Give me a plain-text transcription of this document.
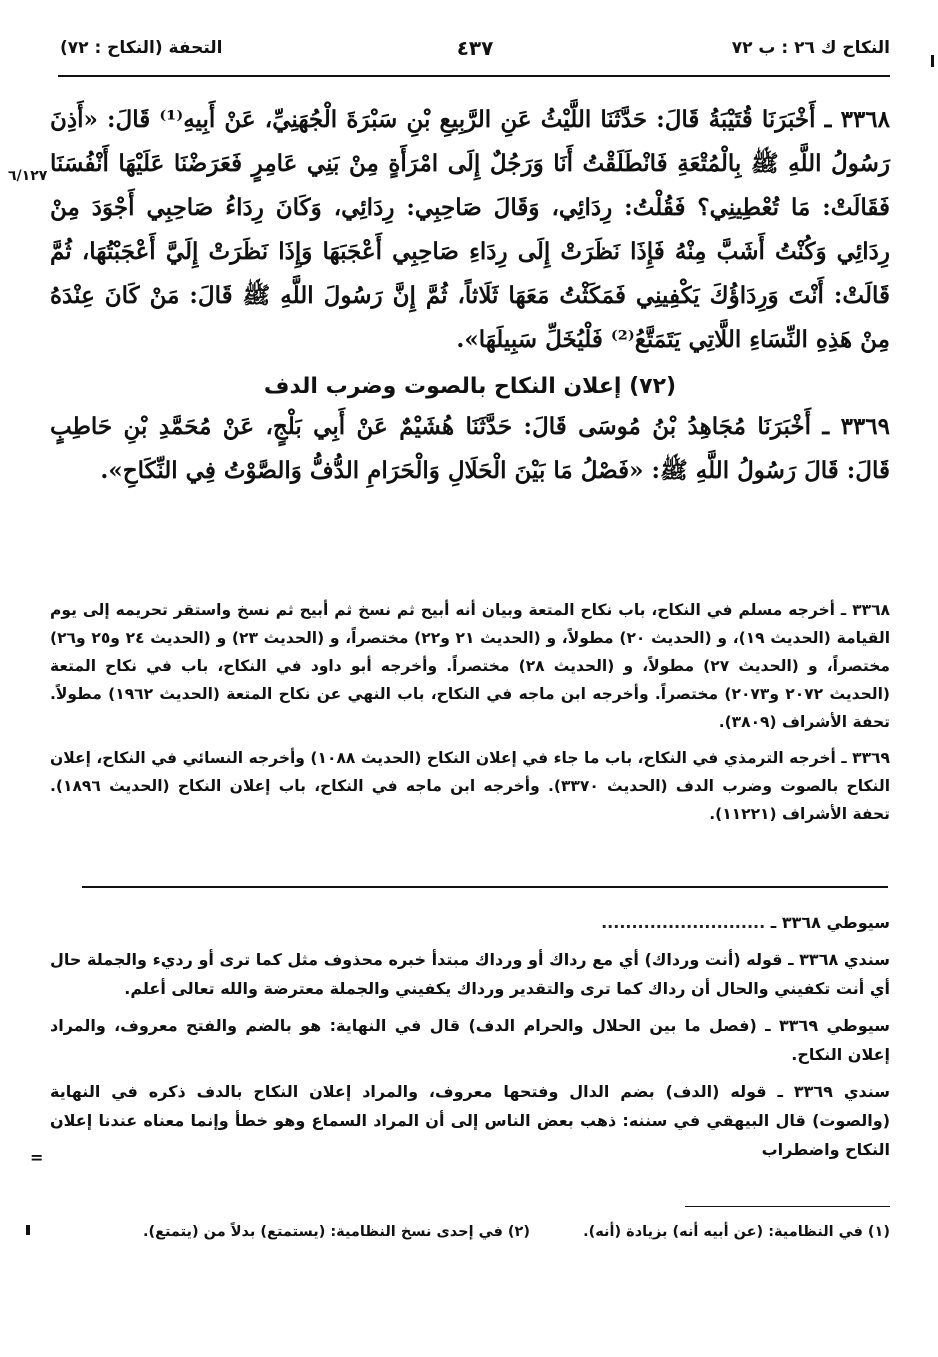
النكاح ك ٢٦ : ب ٧٢
٤٣٧
التحفة (النكاح : ٧٢)
٦/١٢٧

٣٣٦٨ ـ أَخْبَرَنَا قُتَيْبَةُ قَالَ: حَدَّثَنَا اللَّيْثُ عَنِ الرَّبِيعِ بْنِ سَبْرَةَ الْجُهَنِيِّ، عَنْ أَبِيهِ⁽¹⁾ قَالَ: «أَذِنَ رَسُولُ اللَّهِ ﷺ بِالْمُتْعَةِ فَانْطَلَقْتُ أَنَا وَرَجُلٌ إِلَى امْرَأَةٍ مِنْ بَنِي عَامِرٍ فَعَرَضْنَا عَلَيْهَا أَنْفُسَنَا فَقَالَتْ: مَا تُعْطِينِي؟ فَقُلْتُ: رِدَائِي، وَقَالَ صَاحِبِي: رِدَائِي، وَكَانَ رِدَاءُ صَاحِبِي أَجْوَدَ مِنْ رِدَائِي وَكُنْتُ أَشَبَّ مِنْهُ فَإِذَا نَظَرَتْ إِلَى رِدَاءِ صَاحِبِي أَعْجَبَهَا وَإِذَا نَظَرَتْ إِلَيَّ أَعْجَبْتُهَا، ثُمَّ قَالَتْ: أَنْتَ وَرِدَاؤُكَ يَكْفِينِي فَمَكَثْتُ مَعَهَا ثَلَاثاً، ثُمَّ إِنَّ رَسُولَ اللَّهِ ﷺ قَالَ: مَنْ كَانَ عِنْدَهُ مِنْ هَذِهِ النِّسَاءِ اللَّاتِي يَتَمَتَّعُ⁽²⁾ فَلْيُخَلِّ سَبِيلَهَا».

(٧٢) إعلان النكاح بالصوت وضرب الدف

٣٣٦٩ ـ أَخْبَرَنَا مُجَاهِدُ بْنُ مُوسَى قَالَ: حَدَّثَنَا هُشَيْمٌ عَنْ أَبِي بَلْجٍ، عَنْ مُحَمَّدِ بْنِ حَاطِبٍ قَالَ: قَالَ رَسُولُ اللَّهِ ﷺ: «فَصْلُ مَا بَيْنَ الْحَلَالِ وَالْحَرَامِ الدُّفُّ وَالصَّوْتُ فِي النِّكَاحِ».

٣٣٦٨ ـ أخرجه مسلم في النكاح، باب نكاح المتعة وبيان أنه أبيح ثم نسخ ثم أبيح ثم نسخ واستقر تحريمه إلى يوم القيامة (الحديث ١٩)، و (الحديث ٢٠) مطولاً، و (الحديث ٢١ و٢٢) مختصراً، و (الحديث ٢٣) و (الحديث ٢٤ و٢٥ و٢٦) مختصراً، و (الحديث ٢٧) مطولاً، و (الحديث ٢٨) مختصراً. وأخرجه أبو داود في النكاح، باب في نكاح المتعة (الحديث ٢٠٧٢ و٢٠٧٣) مختصراً. وأخرجه ابن ماجه في النكاح، باب النهي عن نكاح المتعة (الحديث ١٩٦٢) مطولاً. تحفة الأشراف (٣٨٠٩).

٣٣٦٩ ـ أخرجه الترمذي في النكاح، باب ما جاء في إعلان النكاح (الحديث ١٠٨٨) وأخرجه النسائي في النكاح، إعلان النكاح بالصوت وضرب الدف (الحديث ٣٣٧٠). وأخرجه ابن ماجه في النكاح، باب إعلان النكاح (الحديث ١٨٩٦). تحفة الأشراف (١١٢٢١).

سيوطي ٣٣٦٨ ـ ...........................

سندي ٣٣٦٨ ـ قوله (أنت ورداك) أي مع رداك أو ورداك مبتدأ خبره محذوف مثل كما ترى أو رديء والجملة حال أي أنت تكفيني والحال أن رداك كما ترى والتقدير ورداك يكفيني والجملة معترضة والله تعالى أعلم.

سيوطي ٣٣٦٩ ـ (فصل ما بين الحلال والحرام الدف) قال في النهاية: هو بالضم والفتح معروف، والمراد إعلان النكاح.

سندي ٣٣٦٩ ـ قوله (الدف) بضم الدال وفتحها معروف، والمراد إعلان النكاح بالدف ذكره في النهاية (والصوت) قال البيهقي في سننه: ذهب بعض الناس إلى أن المراد السماع وهو خطأ وإنما معناه عندنا إعلان النكاح واضطراب

=
(١) في النظامية: (عن أبيه أنه) بزيادة (أنه).
(٢) في إحدى نسخ النظامية: (يستمتع) بدلاً من (يتمتع).
